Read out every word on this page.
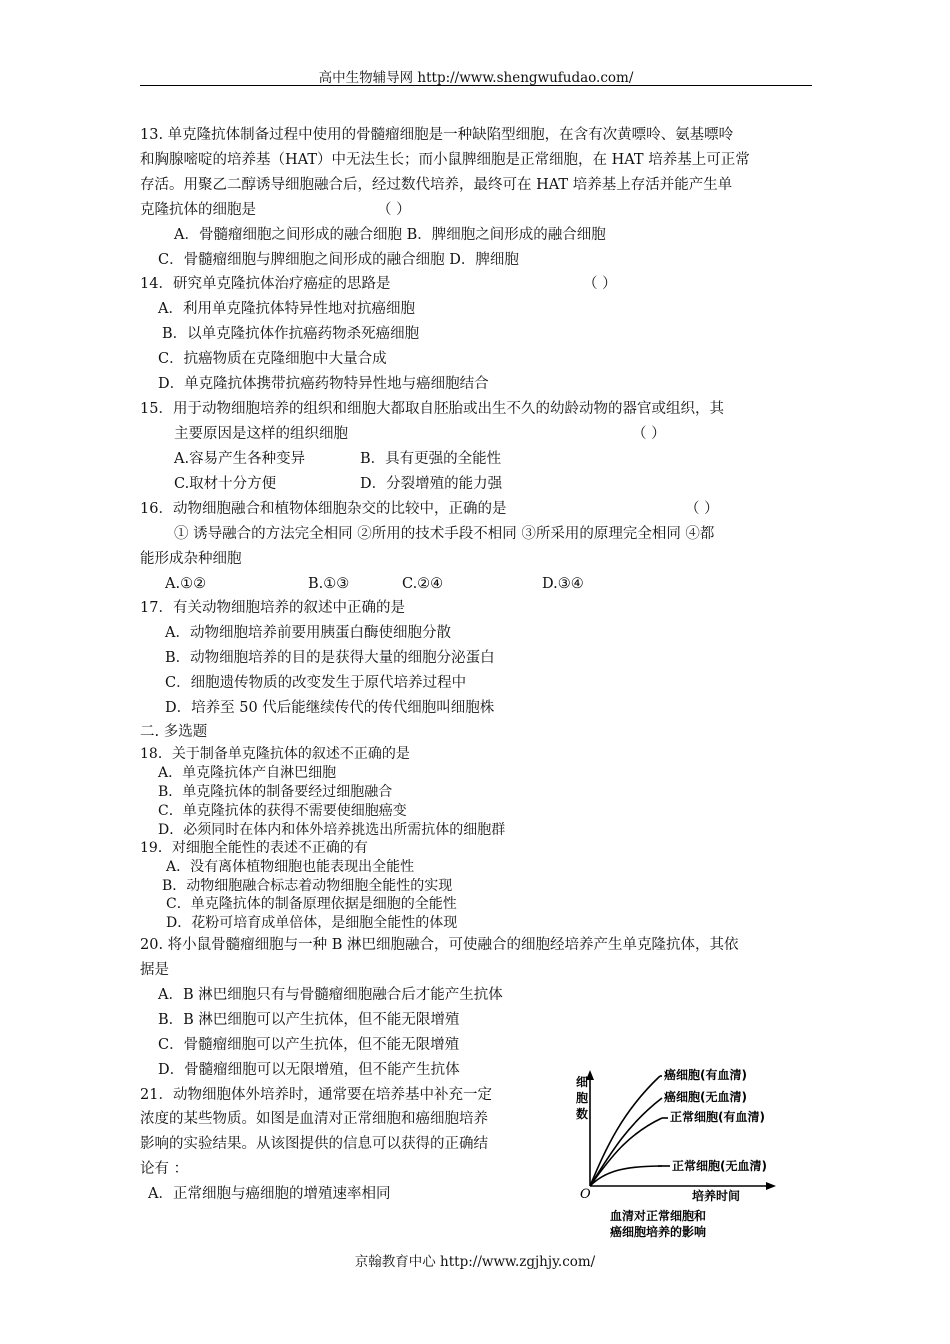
高中生物辅导网 http://www.shengwufudao.com/
13. 单克隆抗体制备过程中使用的骨髓瘤细胞是一种缺陷型细胞，在含有次黄嘌呤、氨基嘌呤
和胸腺嘧啶的培养基（HAT）中无法生长；而小鼠脾细胞是正常细胞，在 HAT 培养基上可正常
存活。用聚乙二醇诱导细胞融合后，经过数代培养，最终可在 HAT 培养基上存活并能产生单
克隆抗体的细胞是	（ ）
A．骨髓瘤细胞之间形成的融合细胞 B．脾细胞之间形成的融合细胞
C．骨髓瘤细胞与脾细胞之间形成的融合细胞 D．脾细胞
14．研究单克隆抗体治疗癌症的思路是	（ ）
A．利用单克隆抗体特异性地对抗癌细胞
B．以单克隆抗体作抗癌药物杀死癌细胞
C．抗癌物质在克隆细胞中大量合成
D．单克隆抗体携带抗癌药物特异性地与癌细胞结合
15．用于动物细胞培养的组织和细胞大都取自胚胎或出生不久的幼龄动物的器官或组织，其
主要原因是这样的组织细胞	（ ）
A.容易产生各种变异	B．具有更强的全能性
C.取材十分方便	D．分裂增殖的能力强
16．动物细胞融合和植物体细胞杂交的比较中，正确的是	（ ）
① 诱导融合的方法完全相同 ②所用的技术手段不相同 ③所采用的原理完全相同 ④都
能形成杂种细胞
A.①②	B.①③	C.②④	D.③④
17．有关动物细胞培养的叙述中正确的是
A．动物细胞培养前要用胰蛋白酶使细胞分散
B．动物细胞培养的目的是获得大量的细胞分泌蛋白
C．细胞遗传物质的改变发生于原代培养过程中
D．培养至 50 代后能继续传代的传代细胞叫细胞株
二. 多选题
18．关于制备单克隆抗体的叙述不正确的是
A．单克隆抗体产自淋巴细胞
B．单克隆抗体的制备要经过细胞融合
C．单克隆抗体的获得不需要使细胞癌变
D．必须同时在体内和体外培养挑选出所需抗体的细胞群
19．对细胞全能性的表述不正确的有
A．没有离体植物细胞也能表现出全能性
B．动物细胞融合标志着动物细胞全能性的实现
C．单克隆抗体的制备原理依据是细胞的全能性
D．花粉可培育成单倍体，是细胞全能性的体现
20. 将小鼠骨髓瘤细胞与一种 B 淋巴细胞融合，可使融合的细胞经培养产生单克隆抗体，其依
据是
A．B 淋巴细胞只有与骨髓瘤细胞融合后才能产生抗体
B．B 淋巴细胞可以产生抗体，但不能无限增殖
C．骨髓瘤细胞可以产生抗体，但不能无限增殖
D．骨髓瘤细胞可以无限增殖，但不能产生抗体
21．动物细胞体外培养时，通常要在培养基中补充一定
浓度的某些物质。如图是血清对正常细胞和癌细胞培养
影响的实验结果。从该图提供的信息可以获得的正确结
论有 ：
A．正常细胞与癌细胞的增殖速率相同
细
胞
数
癌细胞(有血清)
癌细胞(无血清)
正常细胞(有血清)
正常细胞(无血清)
培养时间
血清对正常细胞和
癌细胞培养的影响
O
京翰教育中心 http://www.zgjhjy.com/
